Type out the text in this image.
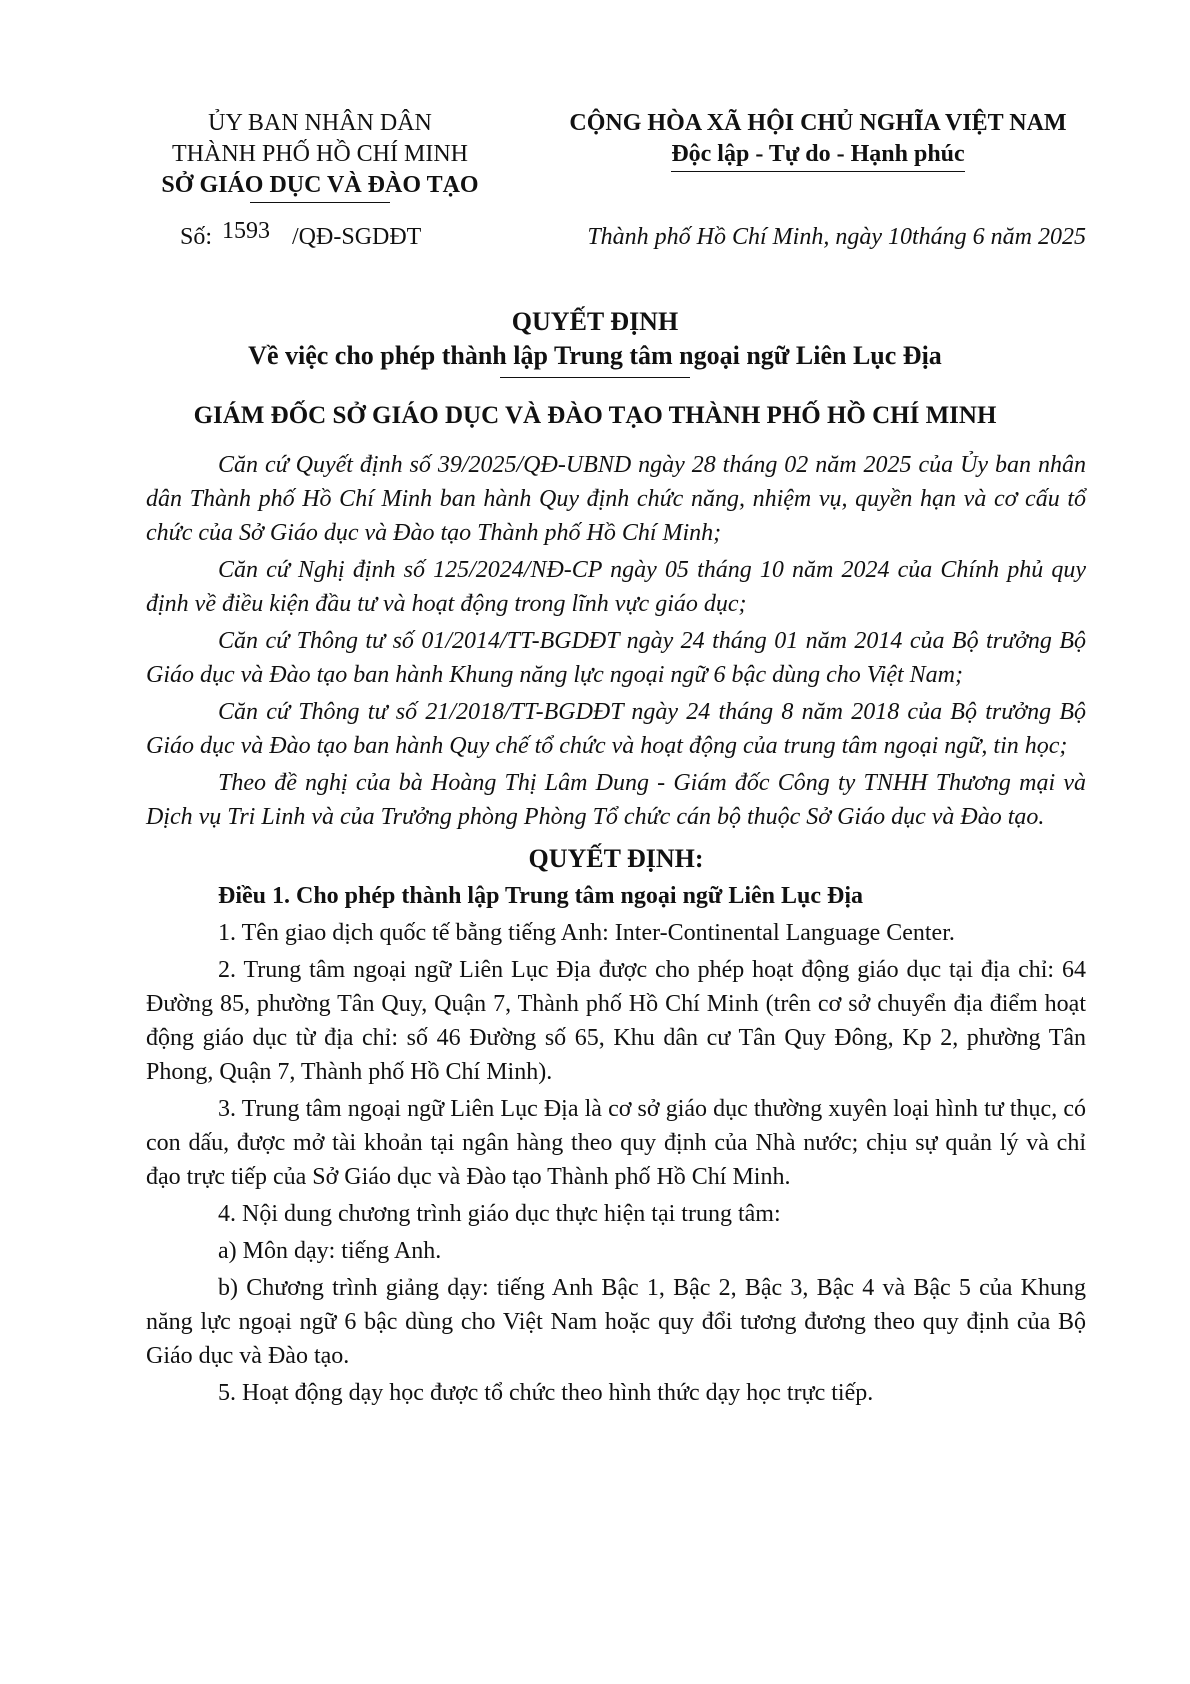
ỦY BAN NHÂN DÂN
THÀNH PHỐ HỒ CHÍ MINH
SỞ GIÁO DỤC VÀ ĐÀO TẠO
CỘNG HÒA XÃ HỘI CHỦ NGHĨA VIỆT NAM
Độc lập - Tự do - Hạnh phúc
Số: 1593 /QĐ-SGDĐT	Thành phố Hồ Chí Minh, ngày 10tháng 6 năm 2025
QUYẾT ĐỊNH
Về việc cho phép thành lập Trung tâm ngoại ngữ Liên Lục Địa
GIÁM ĐỐC SỞ GIÁO DỤC VÀ ĐÀO TẠO THÀNH PHỐ HỒ CHÍ MINH

Căn cứ Quyết định số 39/2025/QĐ-UBND ngày 28 tháng 02 năm 2025 của Ủy ban nhân dân Thành phố Hồ Chí Minh ban hành Quy định chức năng, nhiệm vụ, quyền hạn và cơ cấu tổ chức của Sở Giáo dục và Đào tạo Thành phố Hồ Chí Minh;

Căn cứ Nghị định số 125/2024/NĐ-CP ngày 05 tháng 10 năm 2024 của Chính phủ quy định về điều kiện đầu tư và hoạt động trong lĩnh vực giáo dục;

Căn cứ Thông tư số 01/2014/TT-BGDĐT ngày 24 tháng 01 năm 2014 của Bộ trưởng Bộ Giáo dục và Đào tạo ban hành Khung năng lực ngoại ngữ 6 bậc dùng cho Việt Nam;

Căn cứ Thông tư số 21/2018/TT-BGDĐT ngày 24 tháng 8 năm 2018 của Bộ trưởng Bộ Giáo dục và Đào tạo ban hành Quy chế tổ chức và hoạt động của trung tâm ngoại ngữ, tin học;

Theo đề nghị của bà Hoàng Thị Lâm Dung - Giám đốc Công ty TNHH Thương mại và Dịch vụ Tri Linh và của Trưởng phòng Phòng Tổ chức cán bộ thuộc Sở Giáo dục và Đào tạo.

QUYẾT ĐỊNH:

Điều 1. Cho phép thành lập Trung tâm ngoại ngữ Liên Lục Địa

1. Tên giao dịch quốc tế bằng tiếng Anh: Inter-Continental Language Center.

2. Trung tâm ngoại ngữ Liên Lục Địa được cho phép hoạt động giáo dục tại địa chỉ: 64 Đường 85, phường Tân Quy, Quận 7, Thành phố Hồ Chí Minh (trên cơ sở chuyển địa điểm hoạt động giáo dục từ địa chỉ: số 46 Đường số 65, Khu dân cư Tân Quy Đông, Kp 2, phường Tân Phong, Quận 7, Thành phố Hồ Chí Minh).

3. Trung tâm ngoại ngữ Liên Lục Địa là cơ sở giáo dục thường xuyên loại hình tư thục, có con dấu, được mở tài khoản tại ngân hàng theo quy định của Nhà nước; chịu sự quản lý và chỉ đạo trực tiếp của Sở Giáo dục và Đào tạo Thành phố Hồ Chí Minh.

4. Nội dung chương trình giáo dục thực hiện tại trung tâm:

a) Môn dạy: tiếng Anh.

b) Chương trình giảng dạy: tiếng Anh Bậc 1, Bậc 2, Bậc 3, Bậc 4 và Bậc 5 của Khung năng lực ngoại ngữ 6 bậc dùng cho Việt Nam hoặc quy đổi tương đương theo quy định của Bộ Giáo dục và Đào tạo.

5. Hoạt động dạy học được tổ chức theo hình thức dạy học trực tiếp.
